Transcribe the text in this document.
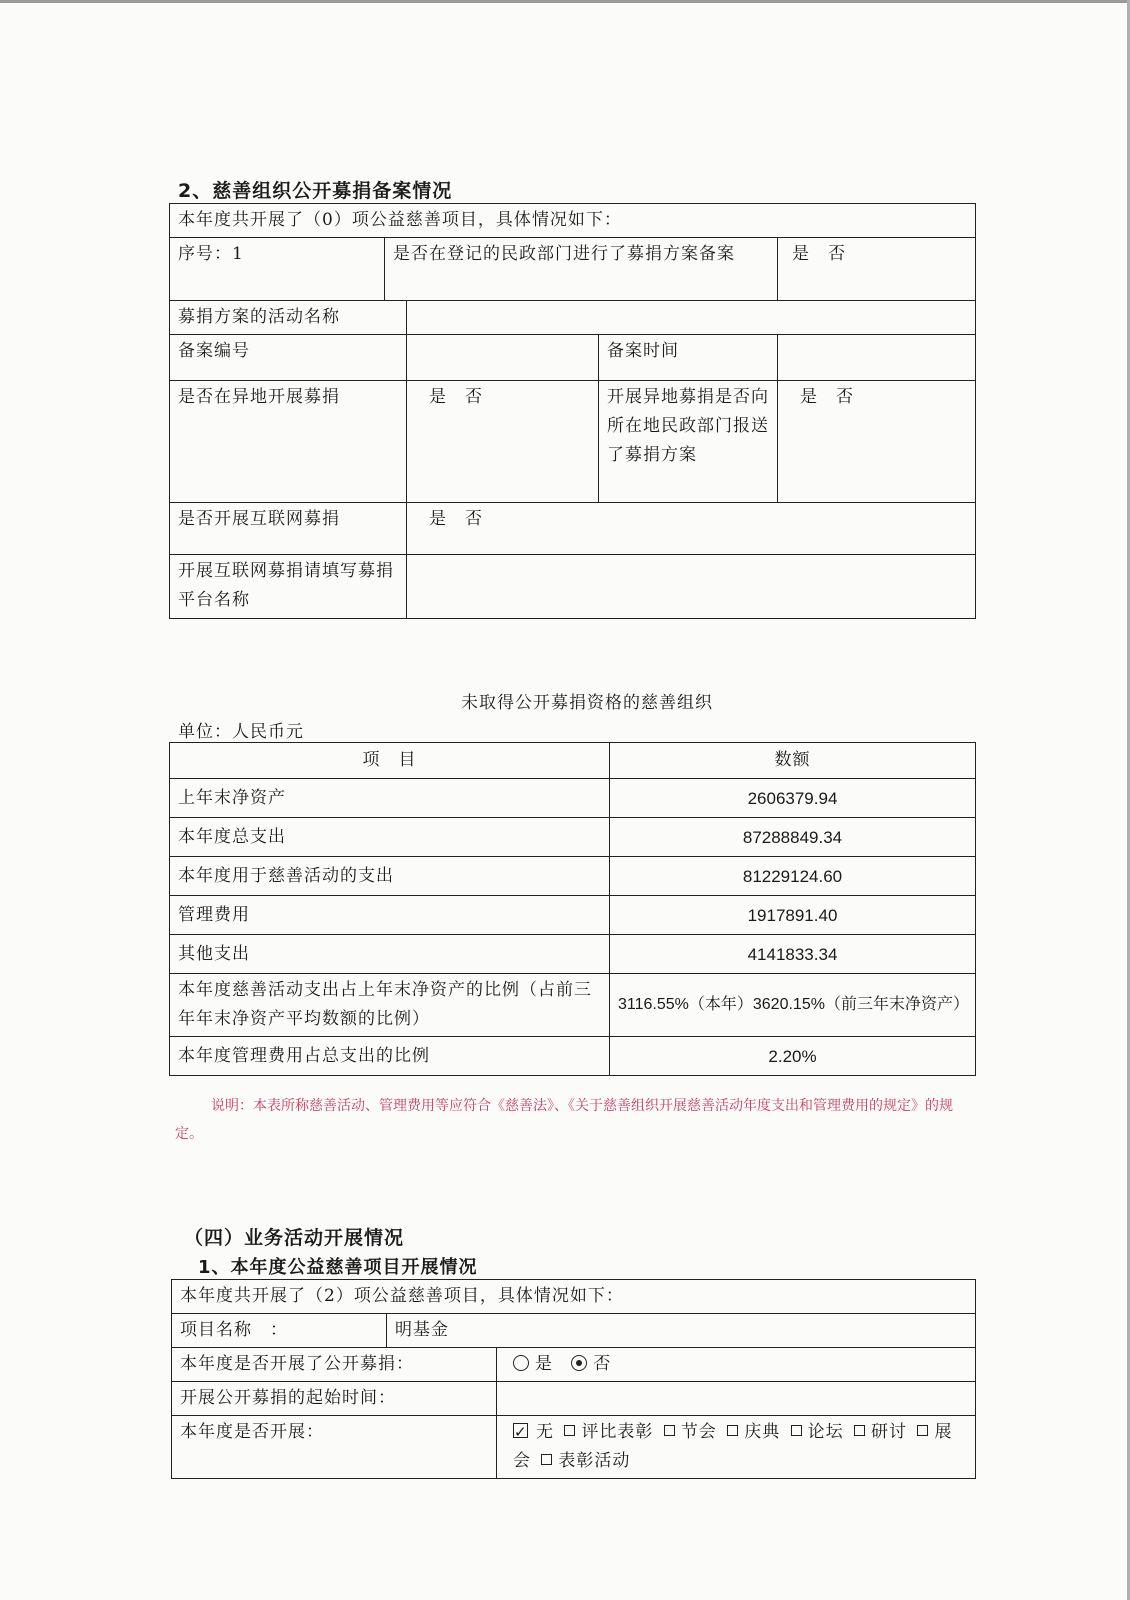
2、慈善组织公开募捐备案情况
本年度共开展了（0）项公益慈善项目，具体情况如下：				
序号：1	是否在登记的民政部门进行了募捐方案备案			是　否
募捐方案的活动名称				
备案编号			备案时间	
是否在异地开展募捐		是　否	开展异地募捐是否向所在地民政部门报送了募捐方案	是　否
是否开展互联网募捐		是　否		
开展互联网募捐请填写募捐平台名称				
未取得公开募捐资格的慈善组织
单位：人民币元
项　目	数额
上年末净资产	2606379.94
本年度总支出	87288849.34
本年度用于慈善活动的支出	81229124.60
管理费用	1917891.40
其他支出	4141833.34
本年度慈善活动支出占上年末净资产的比例（占前三年年末净资产平均数额的比例）	3116.55%（本年）3620.15%（前三年末净资产）
本年度管理费用占总支出的比例	2.20%
说明：本表所称慈善活动、管理费用等应符合《慈善法》、《关于慈善组织开展慈善活动年度支出和管理费用的规定》的规定。
（四）业务活动开展情况
1、本年度公益慈善项目开展情况
本年度共开展了（2）项公益慈善项目，具体情况如下：		
项目名称　：	明基金	
本年度是否开展了公开募捐：		是 否
开展公开募捐的起始时间：		
本年度是否开展：	✓无 评比表彰 节会 庆典 论坛 研讨 展会 表彰活动
